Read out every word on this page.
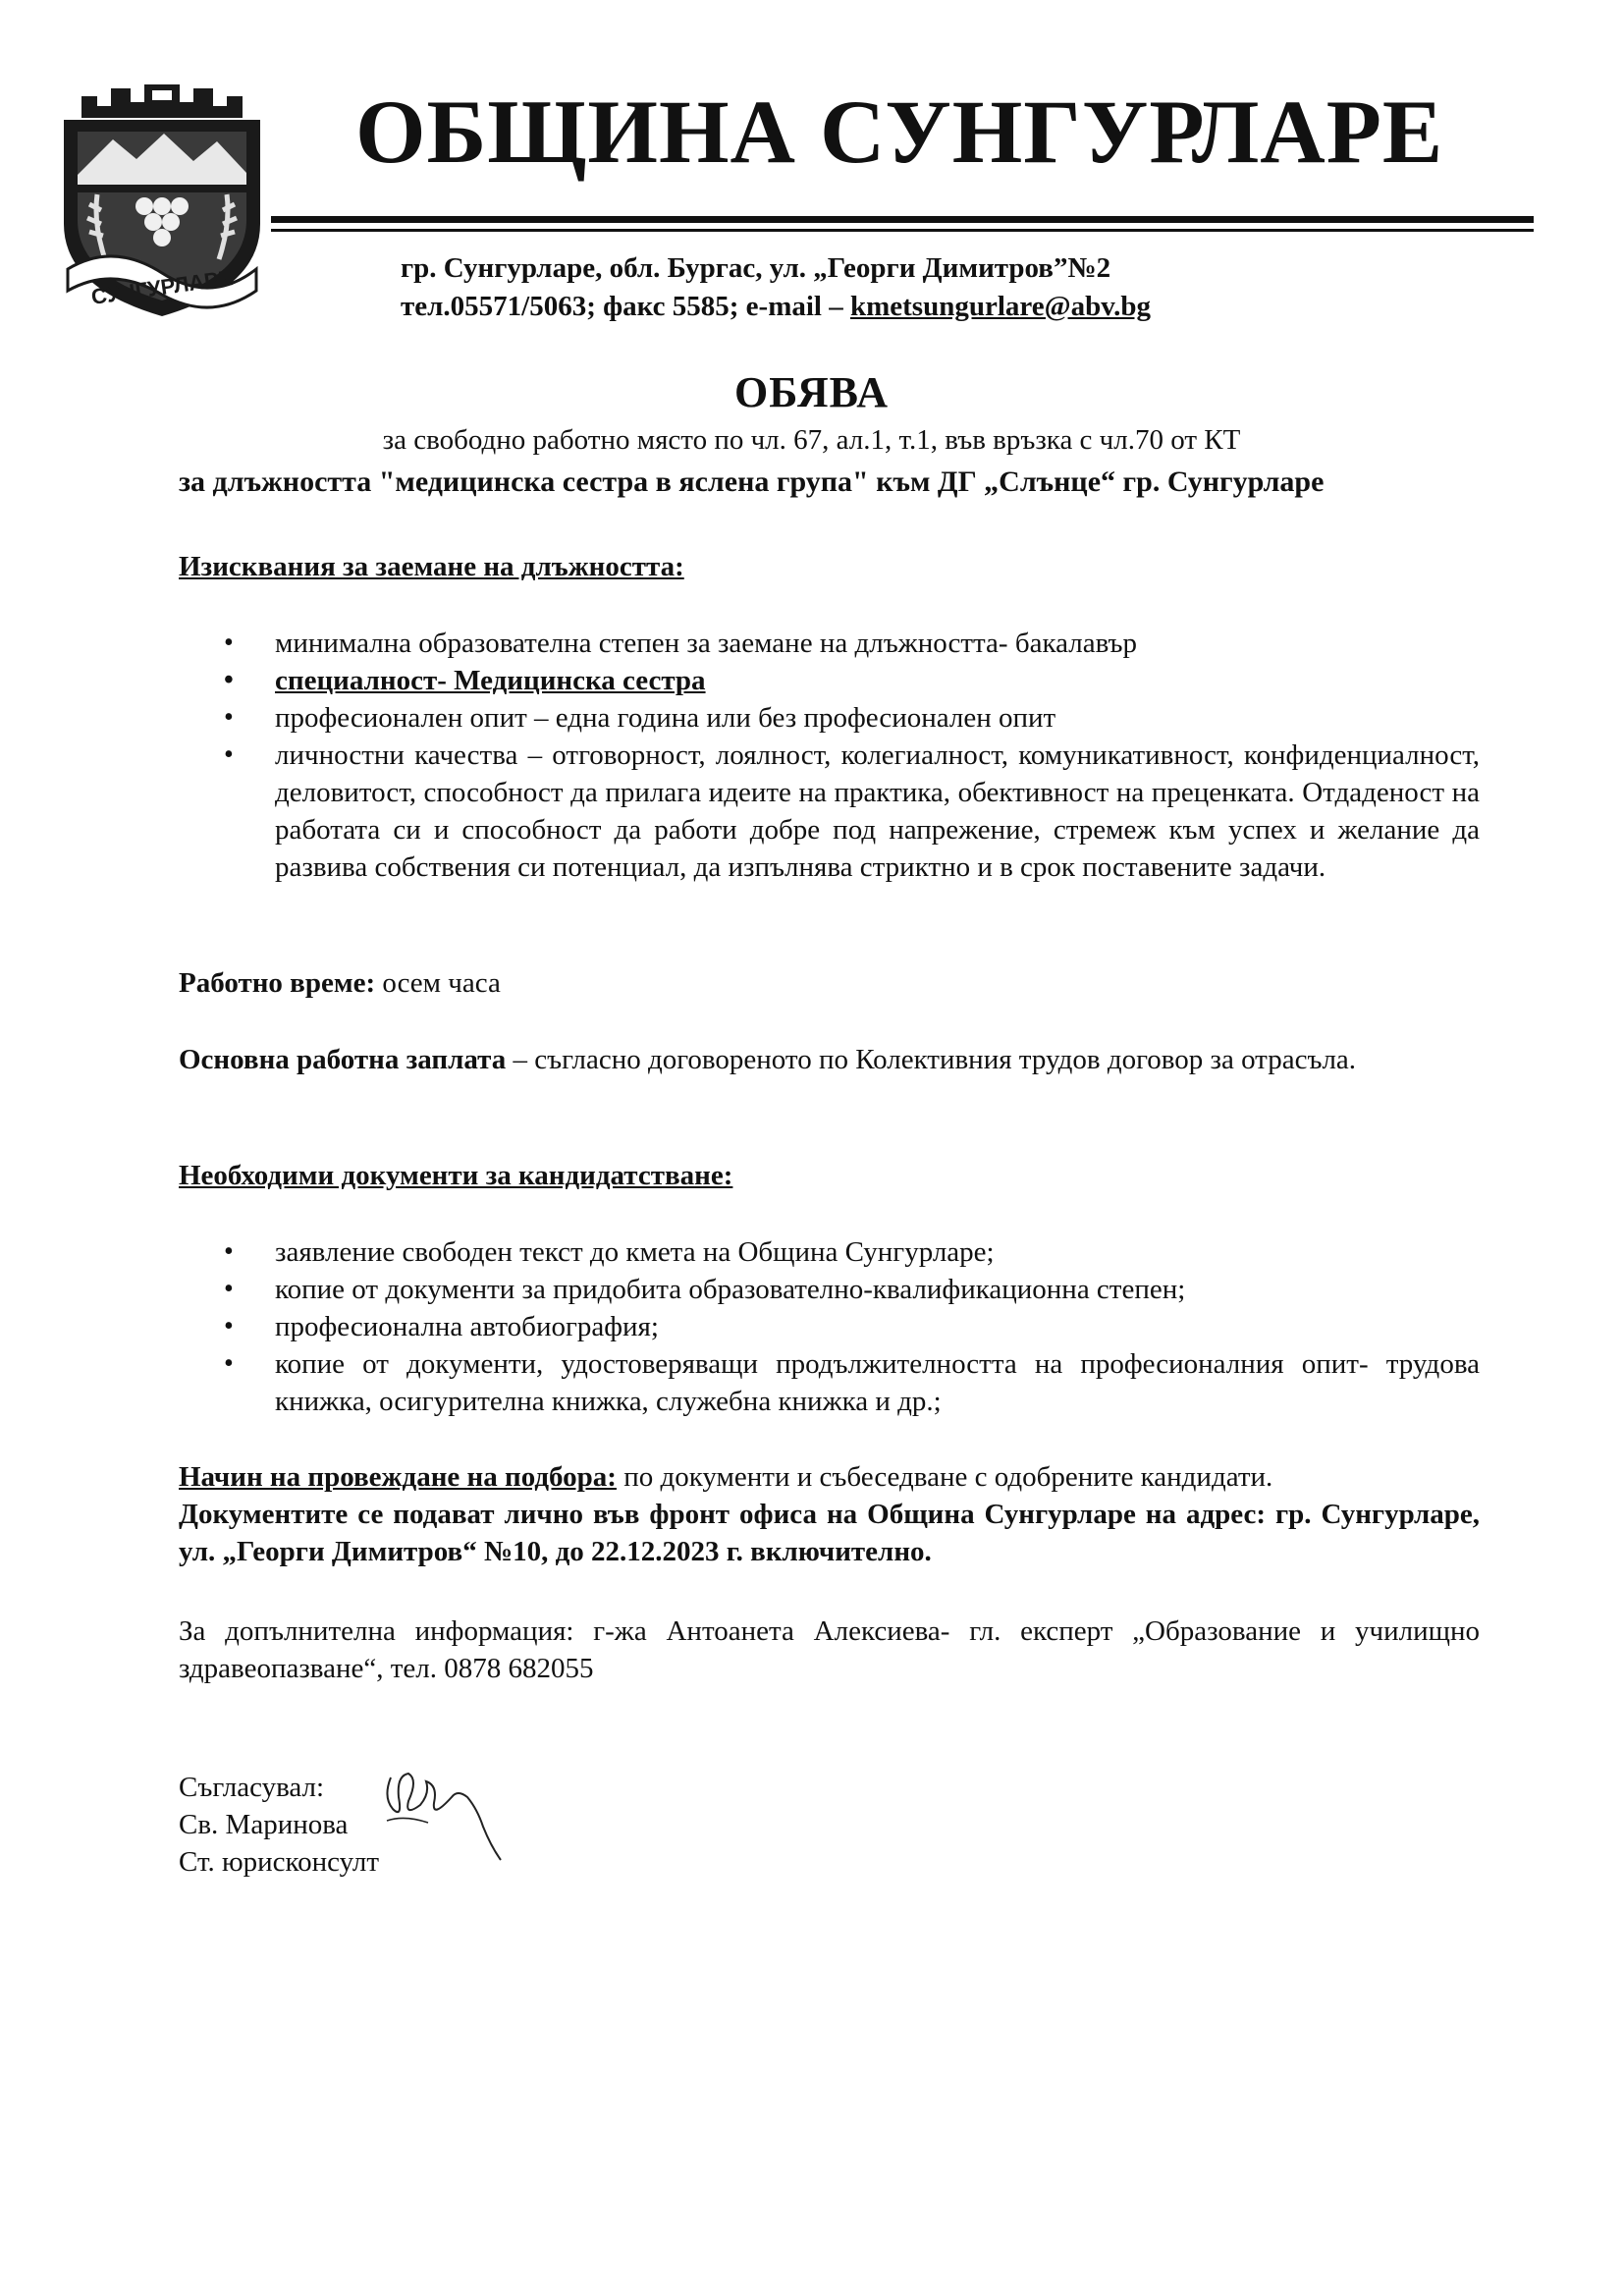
СУНГУРЛАРЕ
ОБЩИНА СУНГУРЛАРЕ
гр. Сунгурларе, обл. Бургас, ул. „Георги Димитров”№2
тел.05571/5063; факс 5585; e-mail – kmetsungurlare@abv.bg
ОБЯВА
за свободно работно място по чл. 67, ал.1, т.1, във връзка с чл.70 от КТ
за длъжността "медицинска сестра в яслена група" към ДГ „Слънце“ гр. Сунгурларе
Изисквания за заемане на длъжността:
• минимална образователна степен за заемане на длъжността- бакалавър
• специалност- Медицинска сестра
• професионален опит – една година или без професионален опит
• личностни качества – отговорност, лоялност, колегиалност, комуникативност, конфиденциалност, деловитост, способност да прилага идеите на практика, обективност на преценката. Отдаденост на работата си и способност да работи добре под напрежение, стремеж към успех и желание да развива собствения си потенциал, да изпълнява стриктно и в срок поставените задачи.
Работно време: осем часа
Основна работна заплата – съгласно договореното по Колективния трудов договор за отрасъла.
Необходими документи за кандидатстване:
• заявление свободен текст до кмета на Община Сунгурларе;
• копие от документи за придобита образователно-квалификационна степен;
• професионална автобиография;
• копие от документи, удостоверяващи продължителността на професионалния опит- трудова книжка, осигурителна книжка, служебна книжка и др.;
Начин на провеждане на подбора: по документи и събеседване с одобрените кандидати.
Документите се подават лично във фронт офиса на Община Сунгурларе на адрес: гр. Сунгурларе, ул. „Георги Димитров“ №10, до 22.12.2023 г. включително.
За допълнителна информация: г-жа Антоанета Алексиева- гл. експерт „Образование и училищно здравеопазване“, тел. 0878 682055
Съгласувал:
Св. Маринова
Ст. юрисконсулт
